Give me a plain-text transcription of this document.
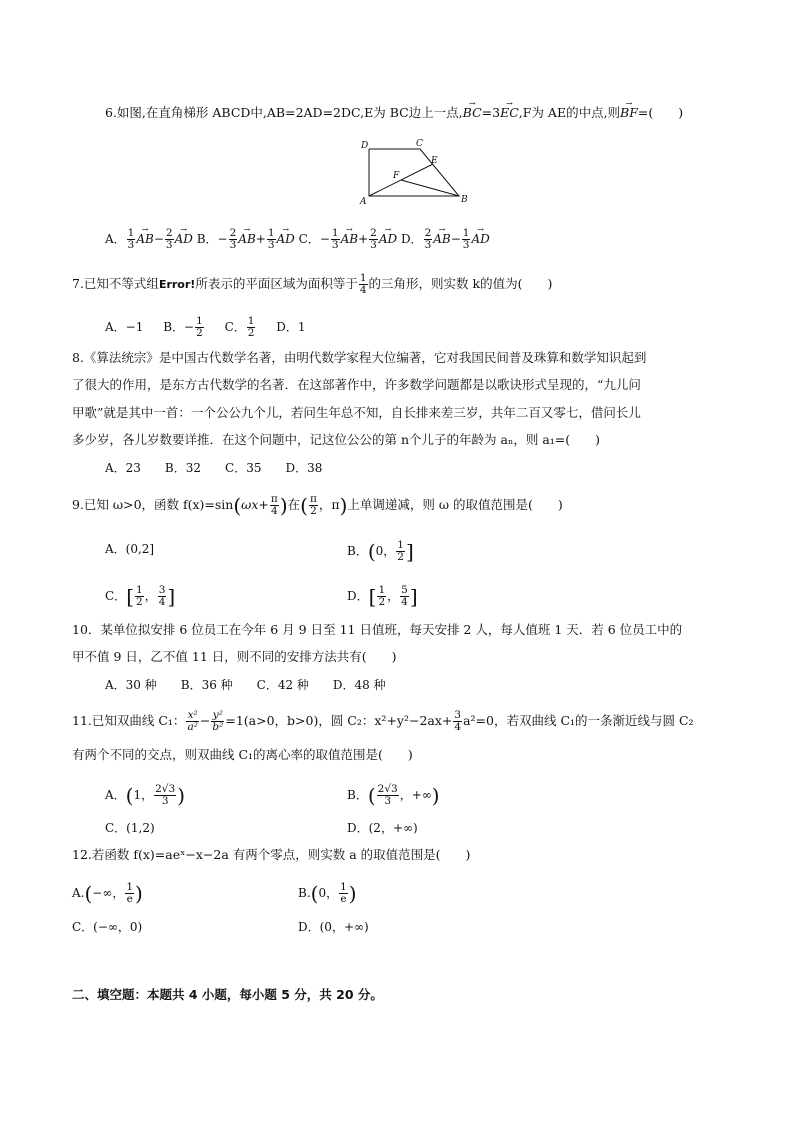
6.如图,在直角梯形 ABCD中,AB=2AD=2DC,E为 BC边上一点,→ BC=3→ EC,F为 AE的中点,则→ BF=(　　)
D	C
E
F
A	B
A． $\frac{1}{3}$
→ $AB- \frac{2}{3}$
→ AD B．− $\frac{2}{3}$
→ $AB+ \frac{1}{3}$
→ AD C．− $\frac{1}{3}$
→ $AB+ \frac{2}{3}$
→ AD D． $\frac{2}{3}$
→ $AB- \frac{1}{3}$
→ AD
7.已知不等式组Error!所表示的平面区域为面积等于 $\frac{1}{4}$ 的三角形，则实数 k的值为(　　)
A．−1 B．− $\frac{1}{2}$ C． $\frac{1}{2}$ D．1
8.《算法统宗》是中国古代数学名著，由明代数学家程大位编著，它对我国民间普及珠算和数学知识起到
了很大的作用，是东方古代数学的名著．在这部著作中，许多数学问题都是以歌诀形式呈现的，“九儿问
甲歌”就是其中一首：一个公公九个儿，若问生年总不知，自长排来差三岁，共年二百又零七，借问长儿
多少岁，各儿岁数要详推．在这个问题中，记这位公公的第 n个儿子的年龄为 aₙ，则 a₁=(　　)
A．23　　B．32　　C．35　　D．38
9.已知 ω>0，函数 $f(x)=\sin(\omega x+ \frac{\pi}{4}$ )在( $\frac{\pi}{2}$ ，π)上单调递减，则 ω 的取值范围是(　　)
A．(0,2]	B．(0， $\frac{1}{2}$ ]
C．[ $\frac{1}{2}$ ， $\frac{3}{4}$ ]	D．[ $\frac{1}{2}$ ， $\frac{5}{4}$ ]
10．某单位拟安排 6 位员工在今年 6 月 9 日至 11 日值班，每天安排 2 人，每人值班 1 天．若 6 位员工中的
甲不值 9 日，乙不值 11 日，则不同的安排方法共有(　　)
A．30 种　　B．36 种　　C．42 种　　D．48 种
11.已知双曲线 C₁： $\frac{\text{x²}}{\text{a²}} - \frac{\text{y²}}{\text{b²}} =1(a>0$，b>0)，圆 C₂：$x^2+y^2-2ax+ \frac{3}{4} a^2=0$，若双曲线 C₁的一条渐近线与圆 C₂
有两个不同的交点，则双曲线 C₁的离心率的取值范围是(　　)
A．(1， $\frac{2√3}{3}$ )	B．( $\frac{2√3}{3}$ ，+∞)
C．(1,2)	D．(2，+∞)
12.若函数 f(x)=aeˣ−x−2a 有两个零点，则实数 a 的取值范围是(　　)
A.(−∞， $\frac{1}{e}$ )	B.(0， $\frac{1}{e}$ )
C．(−∞，0)	D．(0，+∞)
二、填空题：本题共 4 小题，每小题 5 分，共 20 分。
